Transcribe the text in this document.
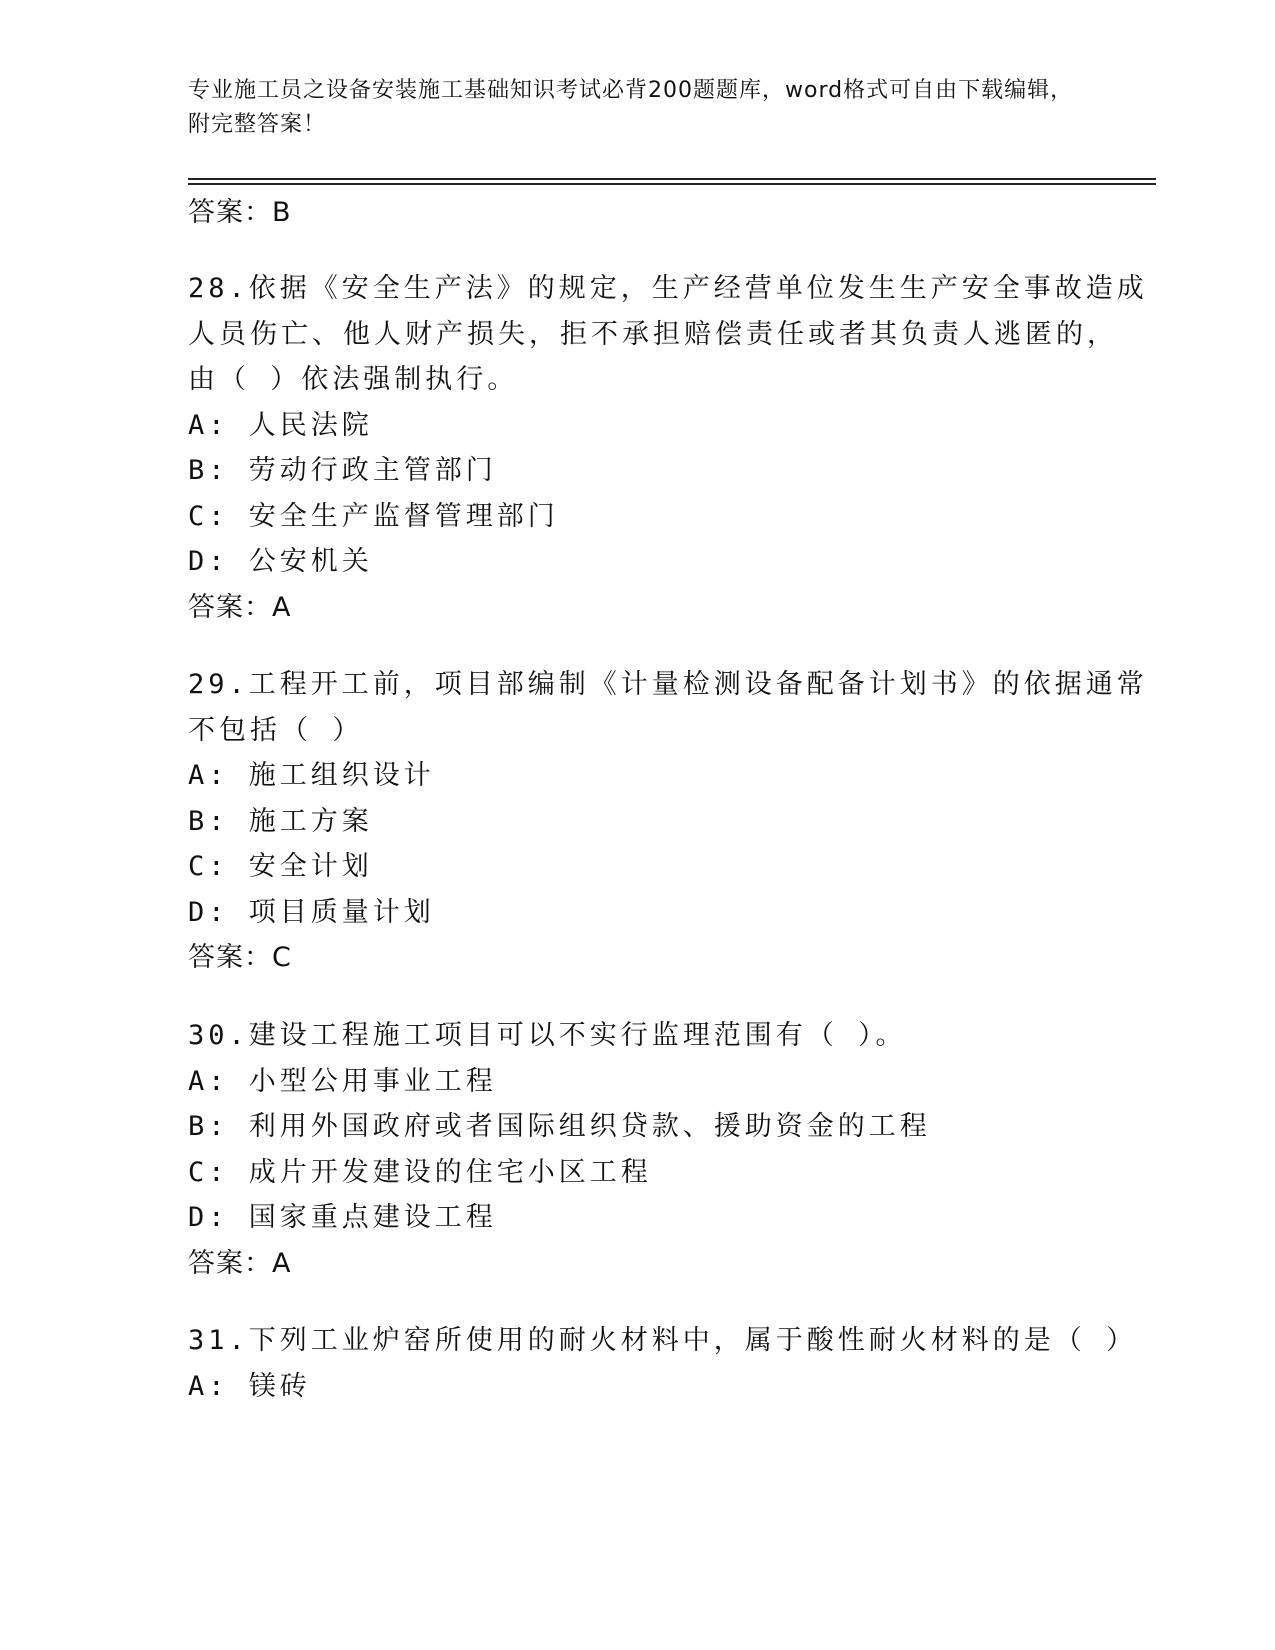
专业施工员之设备安装施工基础知识考试必背200题题库，word格式可自由下载编辑，附完整答案！
答案：B
28.依据《安全生产法》的规定，生产经营单位发生生产安全事故造成
人员伤亡、他人财产损失，拒不承担赔偿责任或者其负责人逃匿的，
由（ ）依法强制执行。
A: 人民法院
B: 劳动行政主管部门
C: 安全生产监督管理部门
D: 公安机关
答案：A
29.工程开工前，项目部编制《计量检测设备配备计划书》的依据通常
不包括（ ）
A: 施工组织设计
B: 施工方案
C: 安全计划
D: 项目质量计划
答案：C
30.建设工程施工项目可以不实行监理范围有（ ）。
A: 小型公用事业工程
B: 利用外国政府或者国际组织贷款、援助资金的工程
C: 成片开发建设的住宅小区工程
D: 国家重点建设工程
答案：A
31.下列工业炉窑所使用的耐火材料中，属于酸性耐火材料的是（ ）
A: 镁砖
